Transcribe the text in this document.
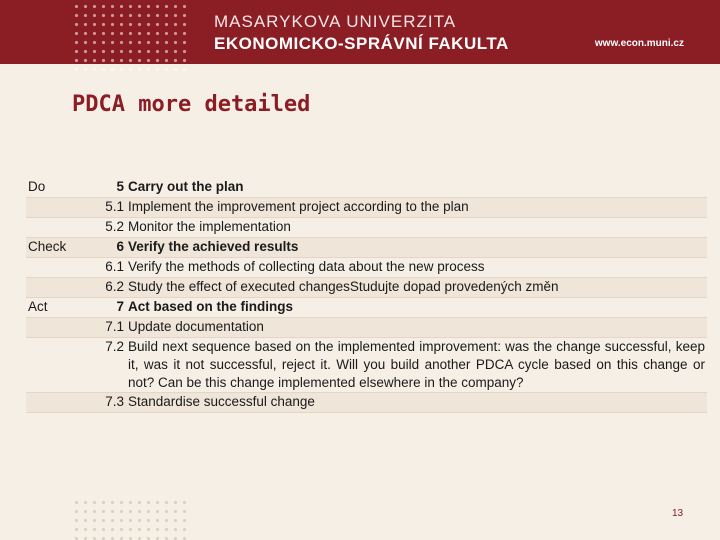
MASARYKOVA UNIVERZITA
EKONOMICKO-SPRÁVNÍ FAKULTA	www.econ.muni.cz
PDCA more detailed
Do	5	Carry out the plan
	5.1	Implement the improvement project according to the plan
	5.2	Monitor the implementation
Check	6	Verify the achieved results
	6.1	Verify the methods of collecting data about the new process
	6.2	Study the effect of executed changesStudujte dopad provedených změn
Act	7	Act based on the findings
	7.1	Update documentation
	7.2	Build next sequence based on the implemented improvement: was the change successful, keep it, was it not successful, reject it. Will you build another PDCA cycle based on this change or not? Can be this change implemented elsewhere in the company?
	7.3	Standardise successful change
13
